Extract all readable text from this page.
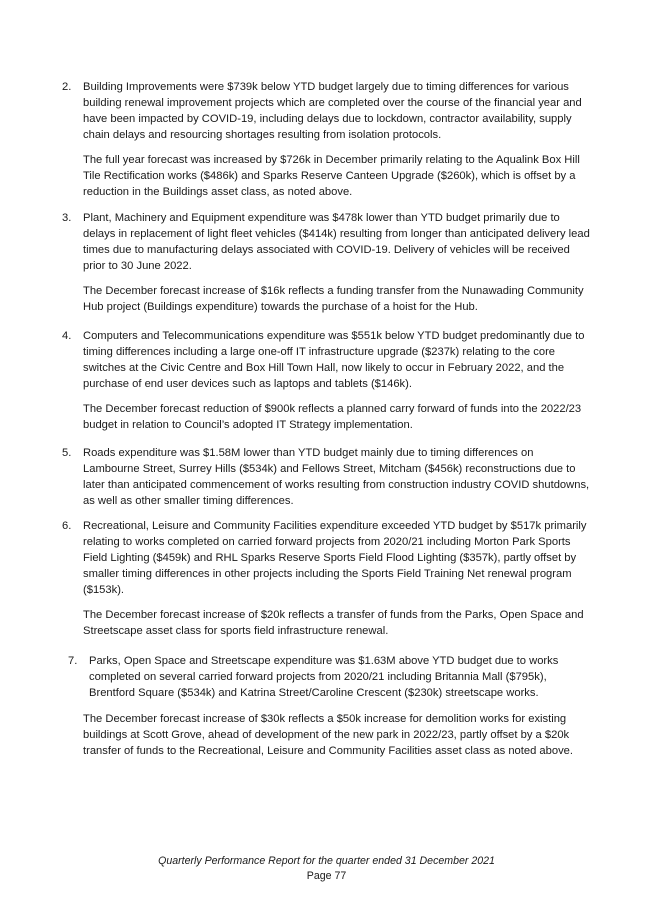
2.	Building Improvements were $739k below YTD budget largely due to timing differences for various building renewal improvement projects which are completed over the course of the financial year and have been impacted by COVID-19, including delays due to lockdown, contractor availability, supply chain delays and resourcing shortages resulting from isolation protocols.
The full year forecast was increased by $726k in December primarily relating to the Aqualink Box Hill Tile Rectification works ($486k) and Sparks Reserve Canteen Upgrade ($260k), which is offset by a reduction in the Buildings asset class, as noted above.
3.	Plant, Machinery and Equipment expenditure was $478k lower than YTD budget primarily due to delays in replacement of light fleet vehicles ($414k) resulting from longer than anticipated delivery lead times due to manufacturing delays associated with COVID-19. Delivery of vehicles will be received prior to 30 June 2022.
The December forecast increase of $16k reflects a funding transfer from the Nunawading Community Hub project (Buildings expenditure) towards the purchase of a hoist for the Hub.
4.	Computers and Telecommunications expenditure was $551k below YTD budget predominantly due to timing differences including a large one-off IT infrastructure upgrade ($237k) relating to the core switches at the Civic Centre and Box Hill Town Hall, now likely to occur in February 2022, and the purchase of end user devices such as laptops and tablets ($146k).
The December forecast reduction of $900k reflects a planned carry forward of funds into the 2022/23 budget in relation to Council’s adopted IT Strategy implementation.
5.	Roads expenditure was $1.58M lower than YTD budget mainly due to timing differences on Lambourne Street, Surrey Hills ($534k) and Fellows Street, Mitcham ($456k) reconstructions due to later than anticipated commencement of works resulting from construction industry COVID shutdowns, as well as other smaller timing differences.
6.	Recreational, Leisure and Community Facilities expenditure exceeded YTD budget by $517k primarily relating to works completed on carried forward projects from 2020/21 including Morton Park Sports Field Lighting ($459k) and RHL Sparks Reserve Sports Field Flood Lighting ($357k), partly offset by smaller timing differences in other projects including the Sports Field Training Net renewal program ($153k).
The December forecast increase of $20k reflects a transfer of funds from the Parks, Open Space and Streetscape asset class for sports field infrastructure renewal.
7.	Parks, Open Space and Streetscape expenditure was $1.63M above YTD budget due to works completed on several carried forward projects from 2020/21 including Britannia Mall ($795k), Brentford Square ($534k) and Katrina Street/Caroline Crescent ($230k) streetscape works.
The December forecast increase of $30k reflects a $50k increase for demolition works for existing buildings at Scott Grove, ahead of development of the new park in 2022/23, partly offset by a $20k transfer of funds to the Recreational, Leisure and Community Facilities asset class as noted above.
Quarterly Performance Report for the quarter ended 31 December 2021
Page 77
